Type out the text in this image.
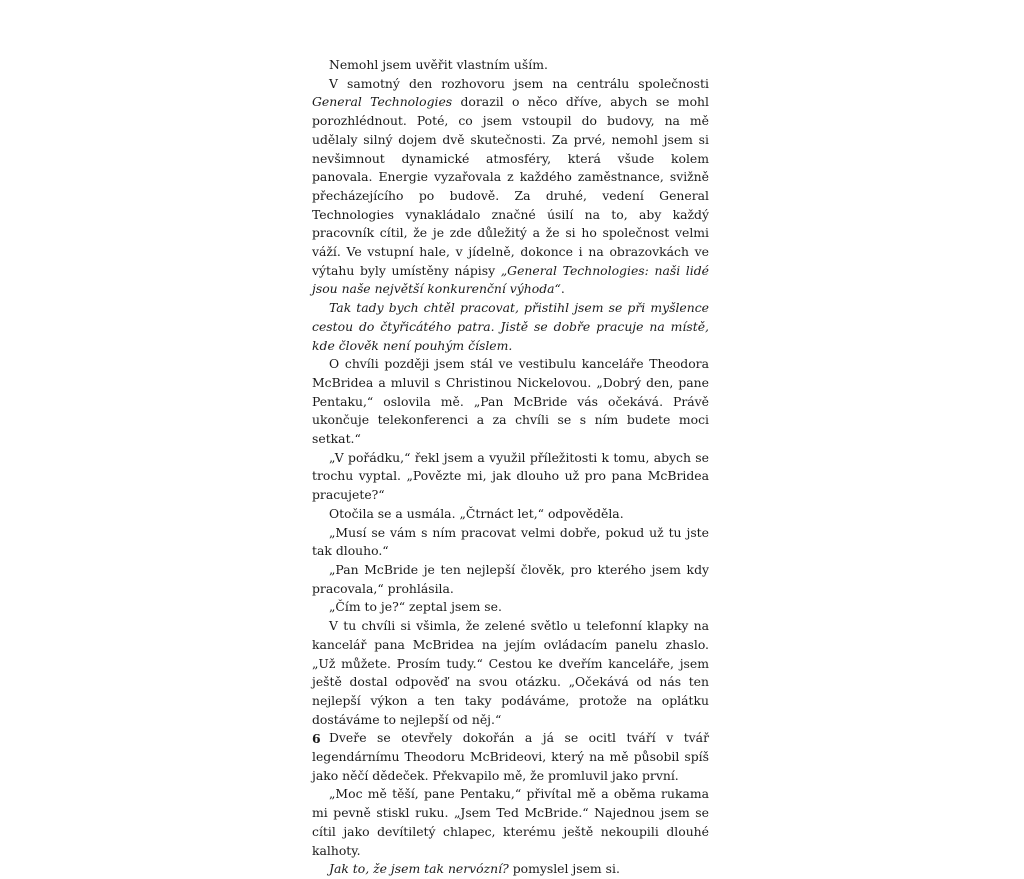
Nemohl jsem uvěřit vlastním uším.

V samotný den rozhovoru jsem na centrálu společnosti General Technologies dorazil o něco dříve, abych se mohl porozhlédnout. Poté, co jsem vstoupil do budovy, na mě udělaly silný dojem dvě skutečnosti. Za prvé, nemohl jsem si nevšimnout dynamické atmosféry, která všude kolem panovala. Energie vyzařovala z každého zaměstnance, svižně přecházejícího po budově. Za druhé, vedení General Technologies vynakládalo značné úsilí na to, aby každý pracovník cítil, že je zde důležitý a že si ho společnost velmi váží. Ve vstupní hale, v jídelně, dokonce i na obrazovkách ve výtahu byly umístěny nápisy „General Technologies: naši lidé jsou naše největší konkurenční výhoda“.

Tak tady bych chtěl pracovat, přistihl jsem se při myšlence cestou do čtyřicátého patra. Jistě se dobře pracuje na místě, kde člověk není pouhým číslem.

O chvíli později jsem stál ve vestibulu kanceláře Theodora McBridea a mluvil s Christinou Nickelovou. „Dobrý den, pane Pentaku,“ oslovila mě. „Pan McBride vás očekává. Právě ukončuje telekonferenci a za chvíli se s ním budete moci setkat.“

„V pořádku,“ řekl jsem a využil příležitosti k tomu, abych se trochu vyptal. „Povězte mi, jak dlouho už pro pana McBridea pracujete?“

Otočila se a usmála. „Čtrnáct let,“ odpověděla.

„Musí se vám s ním pracovat velmi dobře, pokud už tu jste tak dlouho.“

„Pan McBride je ten nejlepší člověk, pro kterého jsem kdy pracovala,“ prohlásila.

„Čím to je?“ zeptal jsem se.

V tu chvíli si všimla, že zelené světlo u telefonní klapky na kancelář pana McBridea na jejím ovládacím panelu zhaslo. „Už můžete. Prosím tudy.“ Cestou ke dveřím kanceláře, jsem ještě dostal odpověď na svou otázku. „Očekává od nás ten nejlepší výkon a ten taky podáváme, protože na oplátku dostáváme to nejlepší od něj.“

Dveře se otevřely dokořán a já se ocitl tváří v tvář legendárnímu Theodoru McBrideovi, který na mě působil spíš jako něčí dědeček. Překvapilo mě, že promluvil jako první.

„Moc mě těší, pane Pentaku,“ přivítal mě a oběma rukama mi pevně stiskl ruku. „Jsem Ted McBride.“ Najednou jsem se cítil jako devítiletý chlapec, kterému ještě nekoupili dlouhé kalhoty.

Jak to, že jsem tak nervózní? pomyslel jsem si.

6
